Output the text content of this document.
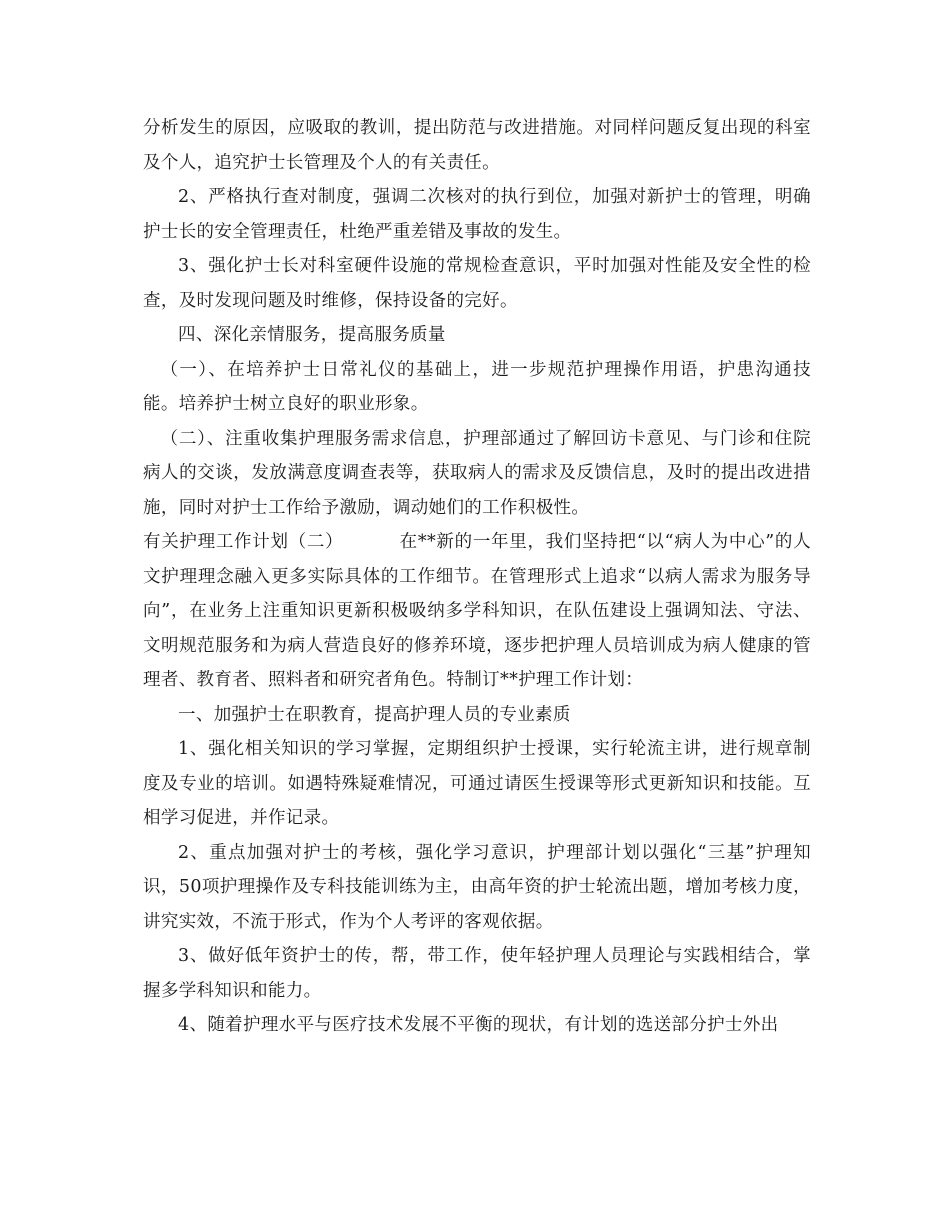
分析发生的原因，应吸取的教训，提出防范与改进措施。对同样问题反复出现的科室及个人，追究护士长管理及个人的有关责任。

2、严格执行查对制度，强调二次核对的执行到位，加强对新护士的管理，明确护士长的安全管理责任，杜绝严重差错及事故的发生。

3、强化护士长对科室硬件设施的常规检查意识，平时加强对性能及安全性的检查，及时发现问题及时维修，保持设备的完好。

四、深化亲情服务，提高服务质量

（一）、在培养护士日常礼仪的基础上，进一步规范护理操作用语，护患沟通技能。培养护士树立良好的职业形象。

（二）、注重收集护理服务需求信息，护理部通过了解回访卡意见、与门诊和住院病人的交谈，发放满意度调查表等，获取病人的需求及反馈信息，及时的提出改进措施，同时对护士工作给予激励，调动她们的工作积极性。

有关护理工作计划（二）	在**新的一年里，我们坚持把“以“病人为中心”的人文护理理念融入更多实际具体的工作细节。在管理形式上追求“以病人需求为服务导向”，在业务上注重知识更新积极吸纳多学科知识，在队伍建设上强调知法、守法、文明规范服务和为病人营造良好的修养环境，逐步把护理人员培训成为病人健康的管理者、教育者、照料者和研究者角色。特制订**护理工作计划：

一、加强护士在职教育，提高护理人员的专业素质

1、强化相关知识的学习掌握，定期组织护士授课，实行轮流主讲，进行规章制度及专业的培训。如遇特殊疑难情况，可通过请医生授课等形式更新知识和技能。互相学习促进，并作记录。

2、重点加强对护士的考核，强化学习意识，护理部计划以强化“三基”护理知识，50项护理操作及专科技能训练为主，由高年资的护士轮流出题，增加考核力度，讲究实效，不流于形式，作为个人考评的客观依据。

3、做好低年资护士的传，帮，带工作，使年轻护理人员理论与实践相结合，掌握多学科知识和能力。

4、随着护理水平与医疗技术发展不平衡的现状，有计划的选送部分护士外出
